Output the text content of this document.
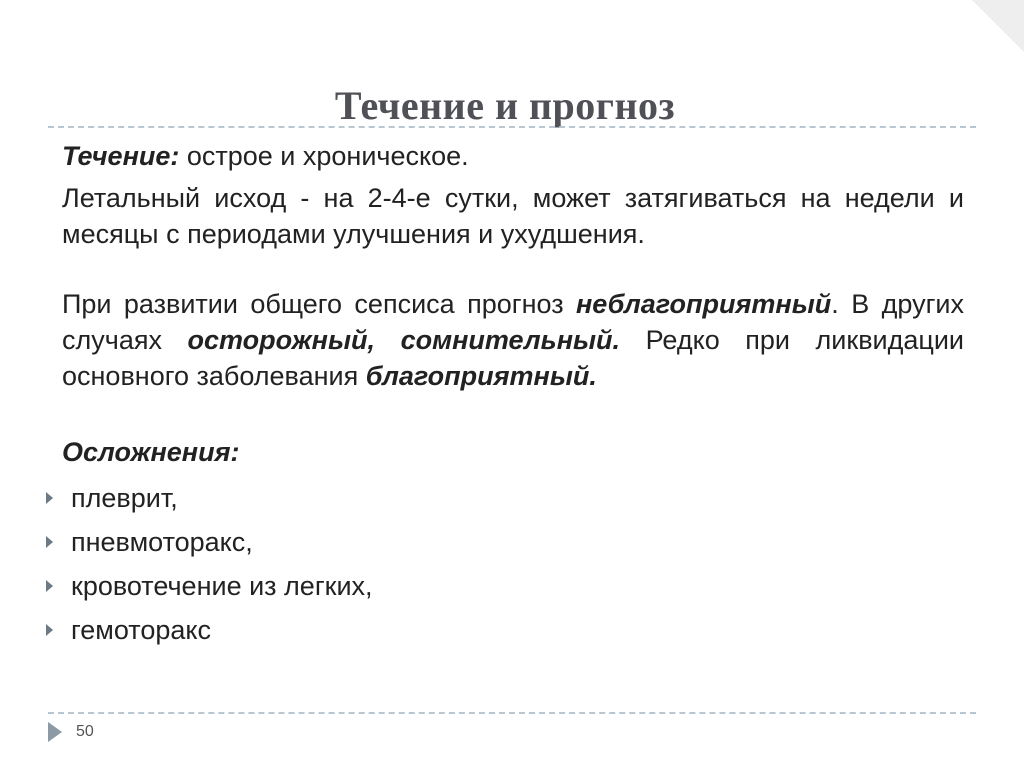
Течение и прогноз

Течение: острое и хроническое.

Летальный исход - на 2-4-е сутки, может затягиваться на недели и месяцы с периодами улучшения и ухудшения.

При развитии общего сепсиса прогноз неблагоприятный. В других случаях осторожный, сомнительный. Редко при ликвидации основного заболевания благоприятный.

Осложнения:

плеврит,
пневмоторакс,
кровотечение из легких,
гемоторакс
50
